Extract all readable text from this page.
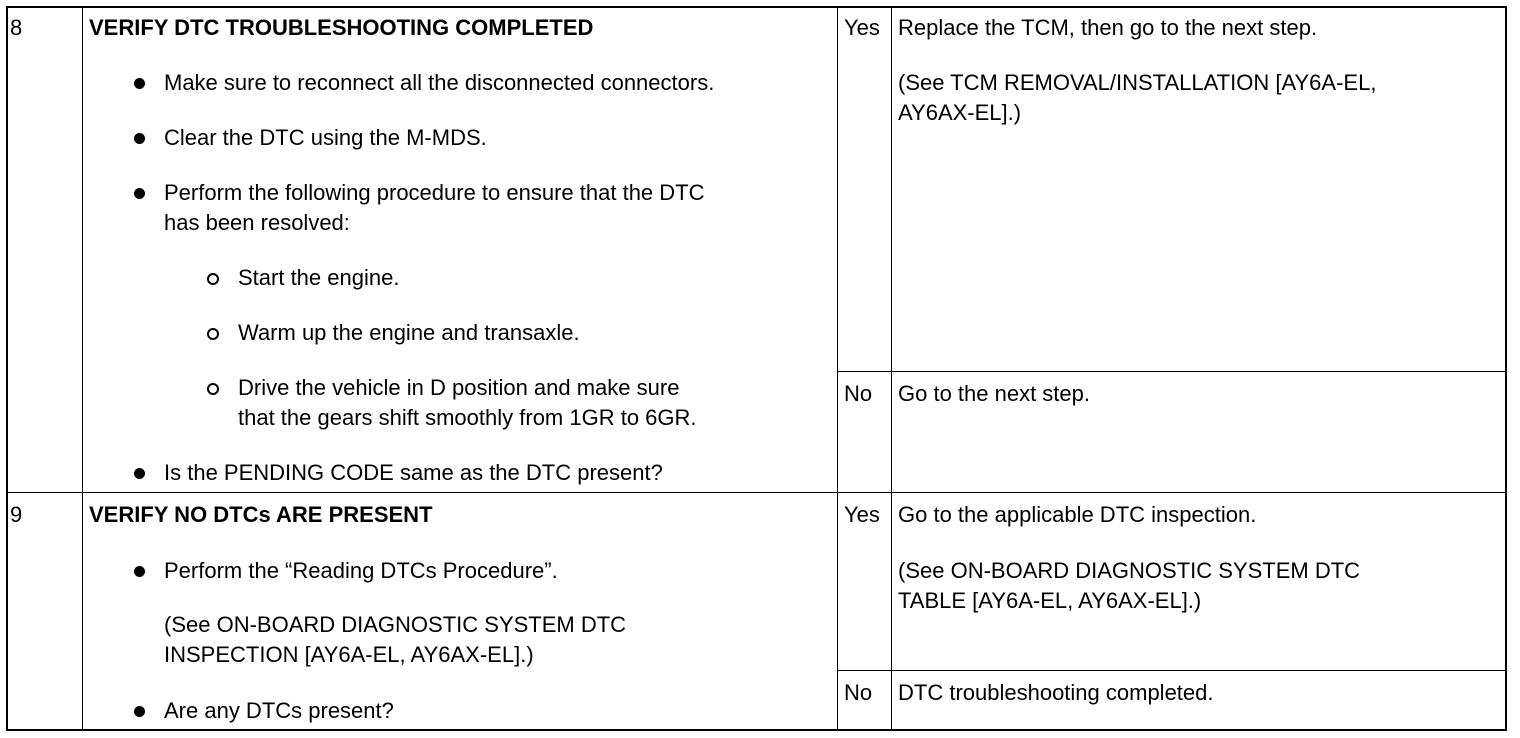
8	VERIFY DTC TROUBLESHOOTING COMPLETED
Make sure to reconnect all the disconnected connectors.
Clear the DTC using the M-MDS.
Perform the following procedure to ensure that the DTC
has been resolved:
Start the engine.
Warm up the engine and transaxle.
Drive the vehicle in D position and make sure
that the gears shift smoothly from 1GR to 6GR.
Is the PENDING CODE same as the DTC present?
Yes Replace the TCM, then go to the next step.
(See TCM REMOVAL/INSTALLATION [AY6A-EL,
AY6AX-EL].)
No Go to the next step.
9	VERIFY NO DTCs ARE PRESENT
Perform the “Reading DTCs Procedure”.
(See ON-BOARD DIAGNOSTIC SYSTEM DTC
INSPECTION [AY6A-EL, AY6AX-EL].)
Are any DTCs present?
Yes Go to the applicable DTC inspection.
(See ON-BOARD DIAGNOSTIC SYSTEM DTC
TABLE [AY6A-EL, AY6AX-EL].)
No DTC troubleshooting completed.
